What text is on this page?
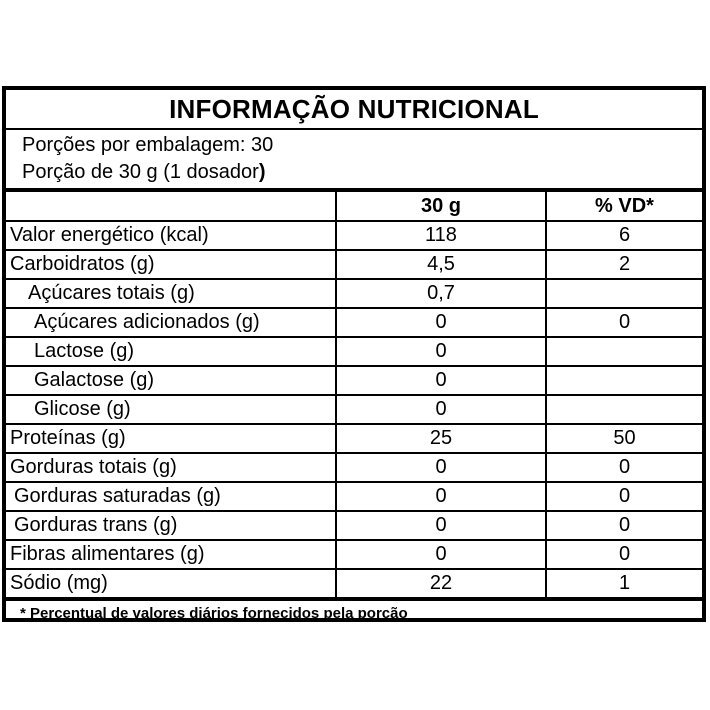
INFORMAÇÃO NUTRICIONAL
Porções por embalagem: 30
Porção de 30 g (1 dosador)
	30 g	% VD*
Valor energético (kcal)	118	6
Carboidratos (g)	4,5	2
Açúcares totais (g)	0,7	
Açúcares adicionados (g)	0	0
Lactose (g)	0	
Galactose (g)	0	
Glicose (g)	0	
Proteínas (g)	25	50
Gorduras totais (g)	0	0
Gorduras saturadas (g)	0	0
Gorduras trans (g)	0	0
Fibras alimentares (g)	0	0
Sódio (mg)	22	1
* Percentual de valores diários fornecidos pela porção
